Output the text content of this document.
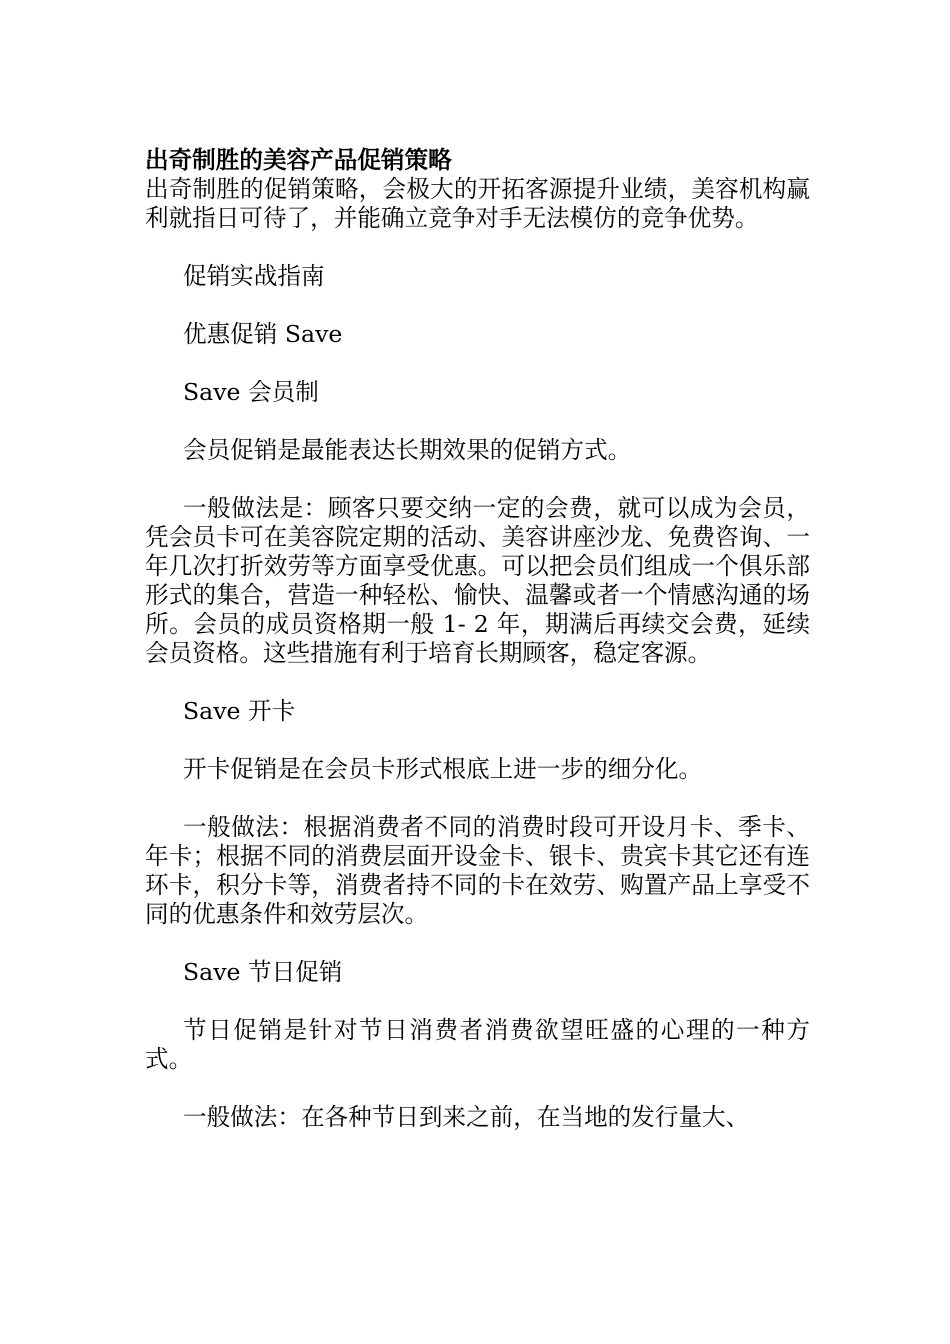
出奇制胜的美容产品促销策略

出奇制胜的促销策略，会极大的开拓客源提升业绩，美容机构赢利就指日可待了，并能确立竞争对手无法模仿的竞争优势。

促销实战指南

优惠促销 Save

Save 会员制

会员促销是最能表达长期效果的促销方式。

一般做法是：顾客只要交纳一定的会费，就可以成为会员，凭会员卡可在美容院定期的活动、美容讲座沙龙、免费咨询、一年几次打折效劳等方面享受优惠。可以把会员们组成一个俱乐部形式的集合，营造一种轻松、愉快、温馨或者一个情感沟通的场所。会员的成员资格期一般 1- 2 年，期满后再续交会费，延续会员资格。这些措施有利于培育长期顾客，稳定客源。

Save 开卡

开卡促销是在会员卡形式根底上进一步的细分化。

一般做法：根据消费者不同的消费时段可开设月卡、季卡、年卡；根据不同的消费层面开设金卡、银卡、贵宾卡其它还有连环卡，积分卡等，消费者持不同的卡在效劳、购置产品上享受不同的优惠条件和效劳层次。

Save 节日促销

节日促销是针对节日消费者消费欲望旺盛的心理的一种方式。

一般做法：在各种节日到来之前，在当地的发行量大、
